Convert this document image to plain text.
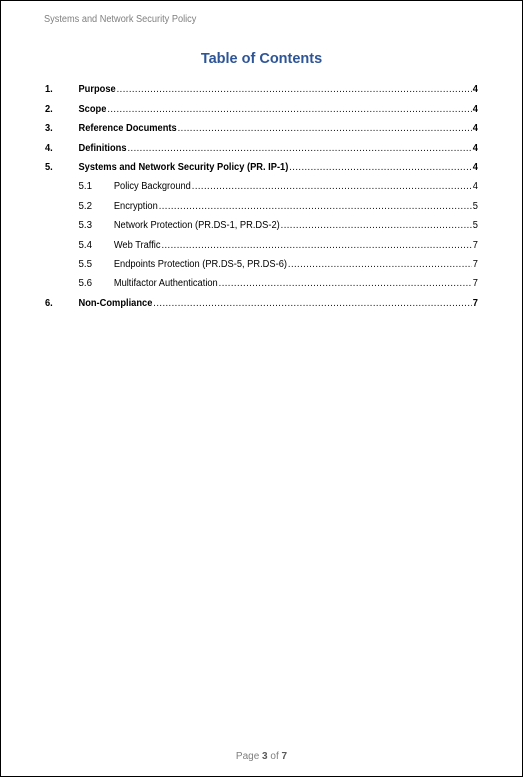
Systems and Network Security Policy
Table of Contents
1.	Purpose .....	4
2.	Scope .....	4
3.	Reference Documents .....	4
4.	Definitions .....	4
5.	Systems and Network Security Policy (PR. IP-1) .....	4
5.1 Policy Background .....	4
5.2 Encryption .....	5
5.3 Network Protection (PR.DS-1, PR.DS-2) .....	5
5.4 Web Traffic .....	7
5.5 Endpoints Protection (PR.DS-5, PR.DS-6) .....	7
5.6 Multifactor Authentication .....	7
6.	Non-Compliance .....	7
Page 3 of 7
